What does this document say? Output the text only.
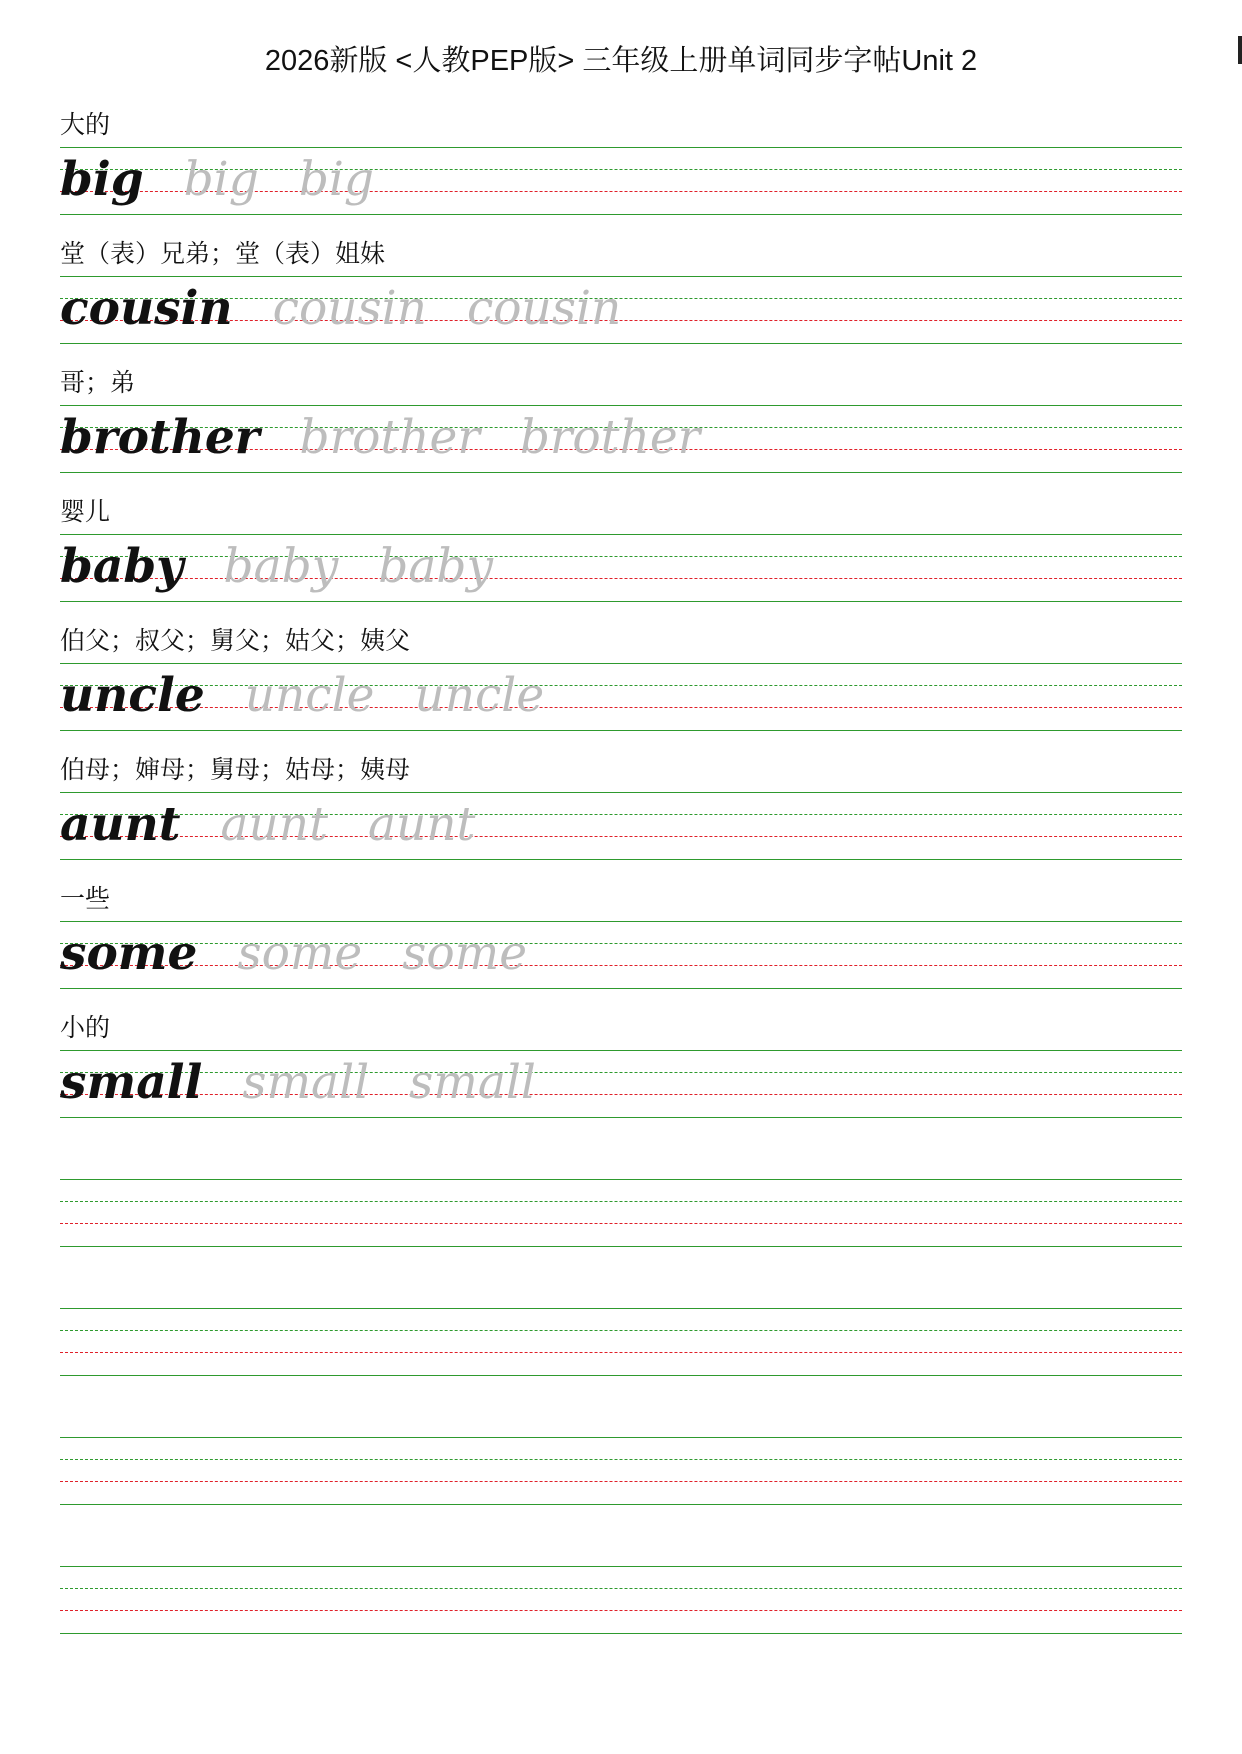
2026新版 <人教PEP版> 三年级上册单词同步字帖Unit 2
大的
big big big
堂（表）兄弟；堂（表）姐妹
cousin cousin cousin
哥；弟
brother brother brother
婴儿
baby baby baby
伯父；叔父；舅父；姑父；姨父
uncle uncle uncle
伯母；婶母；舅母；姑母；姨母
aunt aunt aunt
一些
some some some
小的
small small small
